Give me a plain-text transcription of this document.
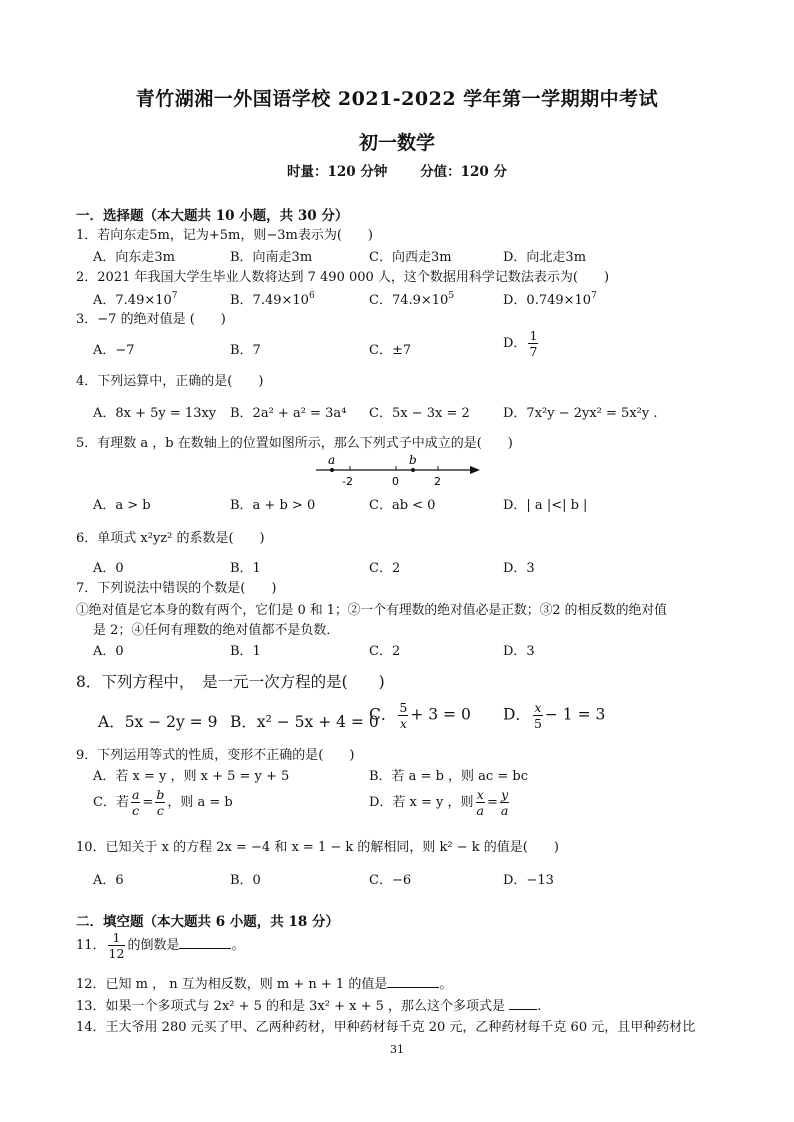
青竹湖湘一外国语学校 2021-2022 学年第一学期期中考试
初一数学
时量：120 分钟 分值：120 分
一．选择题（本大题共 10 小题，共 30 分）
1．若向东走5m，记为+5m，则−3m表示为(　　)
A．向东走3m	B．向南走3m	C．向西走3m	D．向北走3m
2．2021 年我国大学生毕业人数将达到 7 490 000 人，这个数据用科学记数法表示为(　　)
A．$7.49\times 10^7$	B．$7.49\times 10^6$	C．$74.9\times 10^5$	D．$0.749\times 10^7$
3．−7 的绝对值是 (　　)
A．−7	B．7	C．±7	D． $\frac{1}{7}$
4．下列运算中，正确的是(　　)
A．8x + 5y = 13xy B．2a² + a² = 3a⁴ C．5x − 3x = 2	D．7x²y − 2yx² = 5x²y .
5．有理数 a ，b 在数轴上的位置如图所示，那么下列式子中成立的是(　　)
a	b
-2	0	2
A．a > b	B．a + b > 0	C．ab < 0	D．| a |<| b |
6．单项式 x²yz² 的系数是(　　)
A．0	B．1	C．2	D．3
7．下列说法中错误的个数是(　　)
①绝对值是它本身的数有两个，它们是 0 和 1；②一个有理数的绝对值必是正数；③2 的相反数的绝对值
是 2；④任何有理数的绝对值都不是负数．
A．0	B．1	C．2	D．3
8．下列方程中，　是一元一次方程的是(　　)
A．5x − 2y = 9 B．x² − 5x + 4 = 0
C． $\frac{5}{x} + 3 = 0$ D． $\frac{x}{5} - 1 = 3$
9．下列运用等式的性质，变形不正确的是(　　)
A．若 x = y ，则 x + 5 = y + 5	B．若 a = b ，则 ac = bc
C．若 $\frac{a}{c} = \frac{b}{c}$ ，则 a = b	D．若 x = y ，则 $\frac{x}{a} = \frac{y}{a}$
10．已知关于 x 的方程 2x = −4 和 x = 1 − k 的解相同，则 k² − k 的值是(　　)
A．6	B．0	C．−6	D．−13
二．填空题（本大题共 6 小题，共 18 分）
11． $\frac{1}{12}$ 的倒数是	。
12．已知 m ， n 互为相反数，则 m + n + 1 的值是	。
13．如果一个多项式与 2x² + 5 的和是 3x² + x + 5 ，那么这个多项式是 .
14．王大爷用 280 元买了甲、乙两种药材，甲种药材每千克 20 元，乙种药材每千克 60 元，且甲种药材比
31
